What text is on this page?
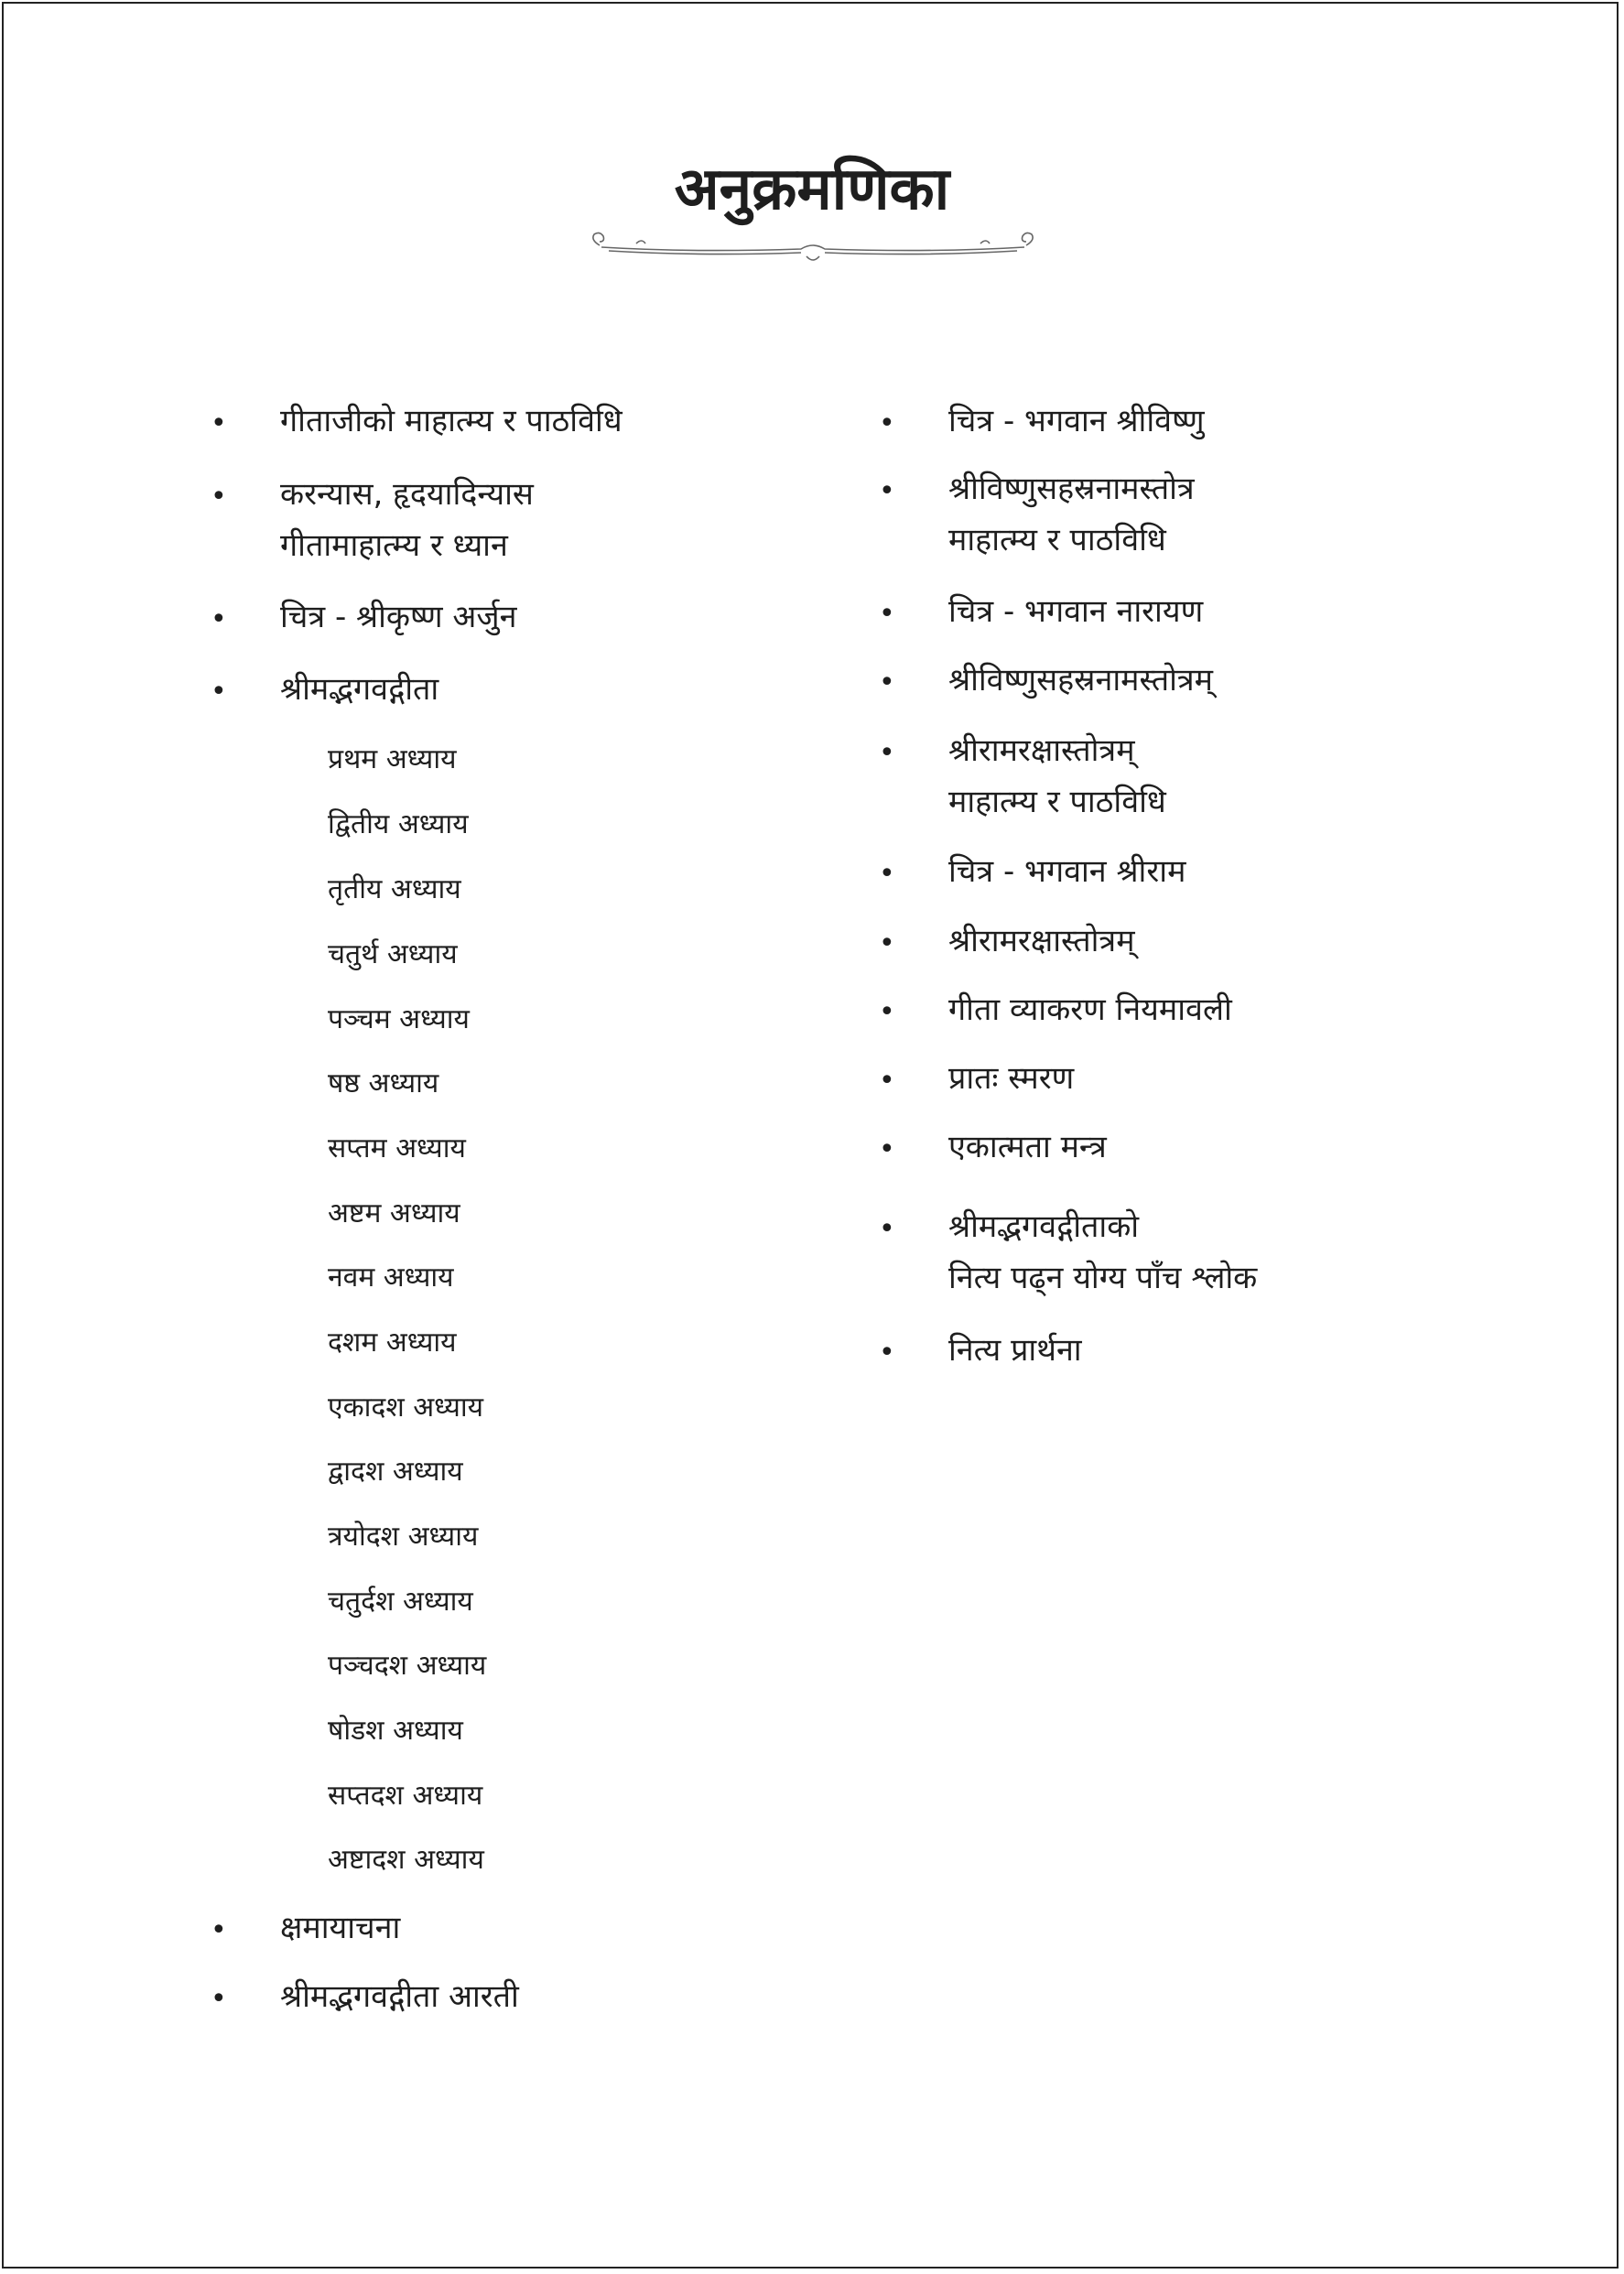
अनुक्रमणिका
• गीताजीको माहात्म्य र पाठविधि
• करन्यास, हृदयादिन्यास
गीतामाहात्म्य र ध्यान
• चित्र - श्रीकृष्ण अर्जुन
• श्रीमद्भगवद्गीता
प्रथम अध्याय
द्वितीय अध्याय
तृतीय अध्याय
चतुर्थ अध्याय
पञ्चम अध्याय
षष्ठ अध्याय
सप्तम अध्याय
अष्टम अध्याय
नवम अध्याय
दशम अध्याय
एकादश अध्याय
द्वादश अध्याय
त्रयोदश अध्याय
चतुर्दश अध्याय
पञ्चदश अध्याय
षोडश अध्याय
सप्तदश अध्याय
अष्टादश अध्याय
• क्षमायाचना
• श्रीमद्भगवद्गीता आरती
• चित्र - भगवान श्रीविष्णु
• श्रीविष्णुसहस्रनामस्तोत्र
माहात्म्य र पाठविधि
• चित्र - भगवान नारायण
• श्रीविष्णुसहस्रनामस्तोत्रम्
• श्रीरामरक्षास्तोत्रम्
माहात्म्य र पाठविधि
• चित्र - भगवान श्रीराम
• श्रीरामरक्षास्तोत्रम्
• गीता व्याकरण नियमावली
• प्रातः स्मरण
• एकात्मता मन्त्र
• श्रीमद्भगवद्गीताको
नित्य पढ्न योग्य पाँच श्लोक
• नित्य प्रार्थना
